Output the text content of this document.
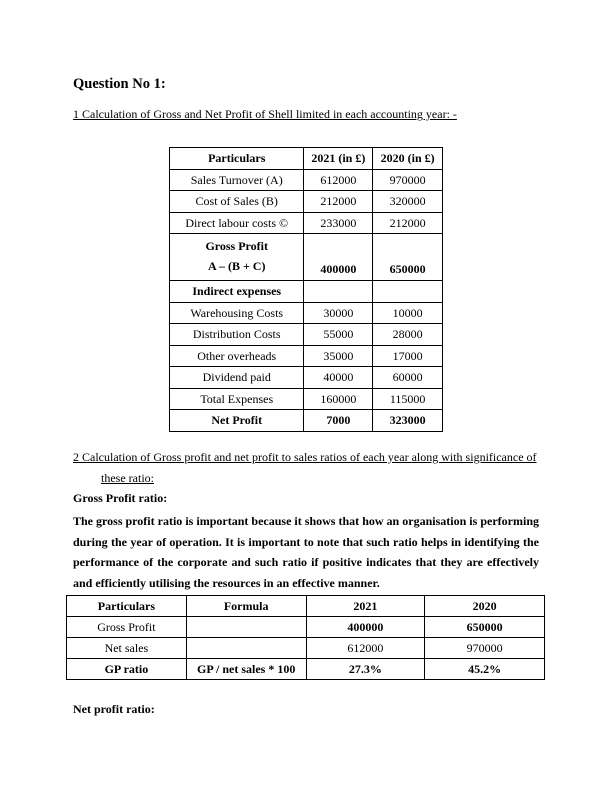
Question No 1:
1 Calculation of Gross and Net Profit of Shell limited in each accounting year: -
Particulars	2021 (in £)	2020 (in £)
Sales Turnover (A)	612000	970000
Cost of Sales (B)	212000	320000
Direct labour costs ©	233000	212000

Gross Profit
A – (B + C)	400000	650000
Indirect expenses		
Warehousing Costs	30000	10000
Distribution Costs	55000	28000
Other overheads	35000	17000
Dividend paid	40000	60000
Total Expenses	160000	115000
Net Profit	7000	323000
2 Calculation of Gross profit and net profit to sales ratios of each year along with significance of
these ratio:
Gross Profit ratio:
The gross profit ratio is important because it shows that how an organisation is performing during the year of operation. It is important to note that such ratio helps in identifying the performance of the corporate and such ratio if positive indicates that they are effectively and efficiently utilising the resources in an effective manner.
Particulars	Formula	2021	2020
Gross Profit		400000	650000
Net sales		612000	970000
GP ratio	GP / net sales * 100	27.3%	45.2%
Net profit ratio:
